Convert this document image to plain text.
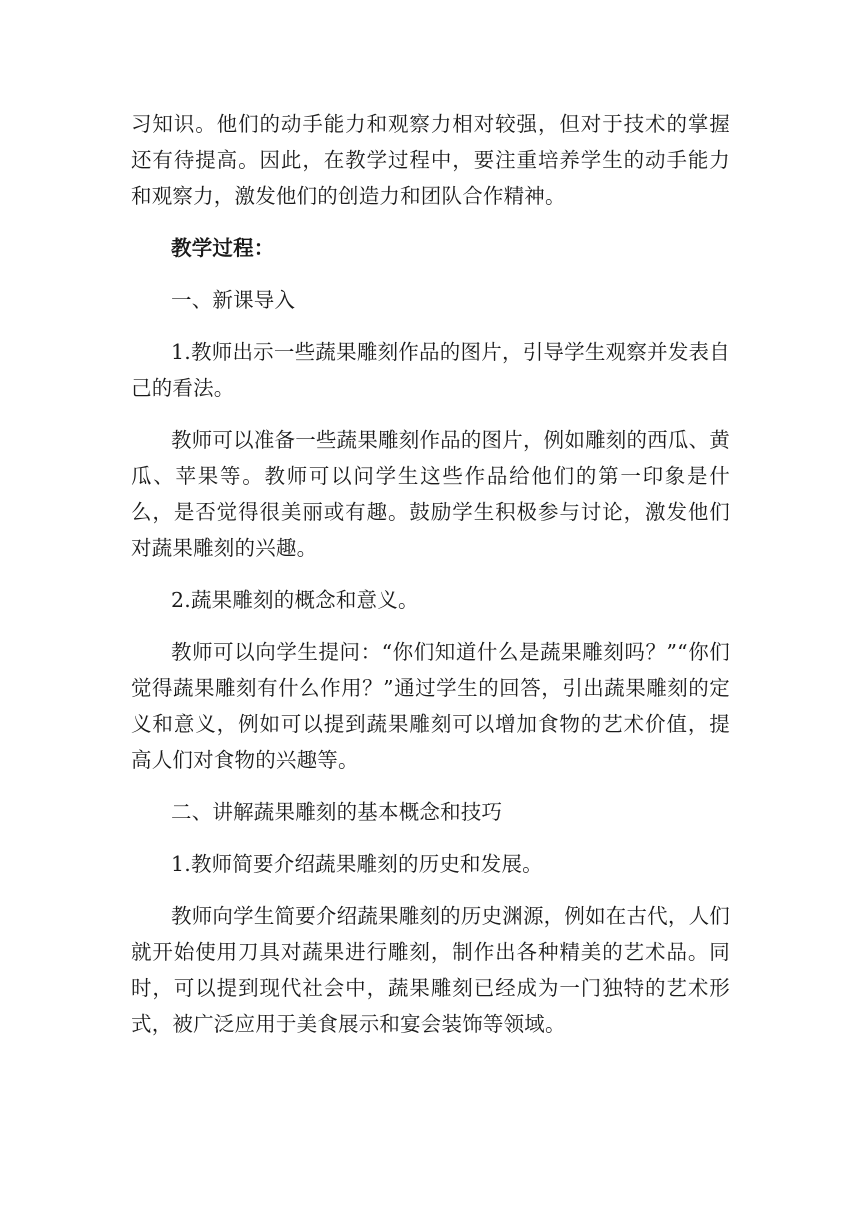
习知识。他们的动手能力和观察力相对较强，但对于技术的掌握还有待提高。因此，在教学过程中，要注重培养学生的动手能力和观察力，激发他们的创造力和团队合作精神。

教学过程：

一、新课导入

1.教师出示一些蔬果雕刻作品的图片，引导学生观察并发表自己的看法。

教师可以准备一些蔬果雕刻作品的图片，例如雕刻的西瓜、黄瓜、苹果等。教师可以问学生这些作品给他们的第一印象是什么，是否觉得很美丽或有趣。鼓励学生积极参与讨论，激发他们对蔬果雕刻的兴趣。

2.蔬果雕刻的概念和意义。

教师可以向学生提问：“你们知道什么是蔬果雕刻吗？”“你们觉得蔬果雕刻有什么作用？”通过学生的回答，引出蔬果雕刻的定义和意义，例如可以提到蔬果雕刻可以增加食物的艺术价值，提高人们对食物的兴趣等。

二、讲解蔬果雕刻的基本概念和技巧

1.教师简要介绍蔬果雕刻的历史和发展。

教师向学生简要介绍蔬果雕刻的历史渊源，例如在古代，人们就开始使用刀具对蔬果进行雕刻，制作出各种精美的艺术品。同时，可以提到现代社会中，蔬果雕刻已经成为一门独特的艺术形式，被广泛应用于美食展示和宴会装饰等领域。
